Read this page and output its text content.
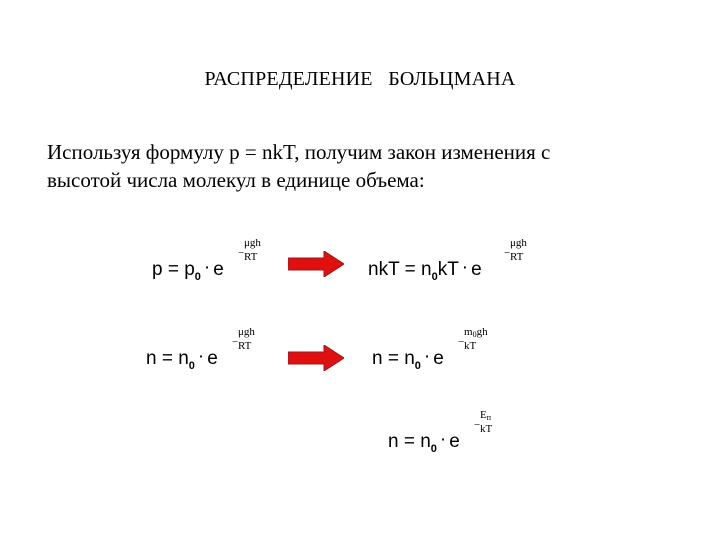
РАСПРЕДЕЛЕНИЕ   БОЛЬЦМАНА
Используя формулу p = nkT, получим закон изменения с
высотой числа молекул в единице объема:
$p = p_0 \cdot e$
−
μgh
RT
nkT = $n_0kT \cdot e$
−
μgh
RT
$n = n_0 \cdot e$
−
μgh
RT
$n = n_0 \cdot e$
−
$m_0gh$
kT
$n = n_0 \cdot e$
−
$E_п$
kT
